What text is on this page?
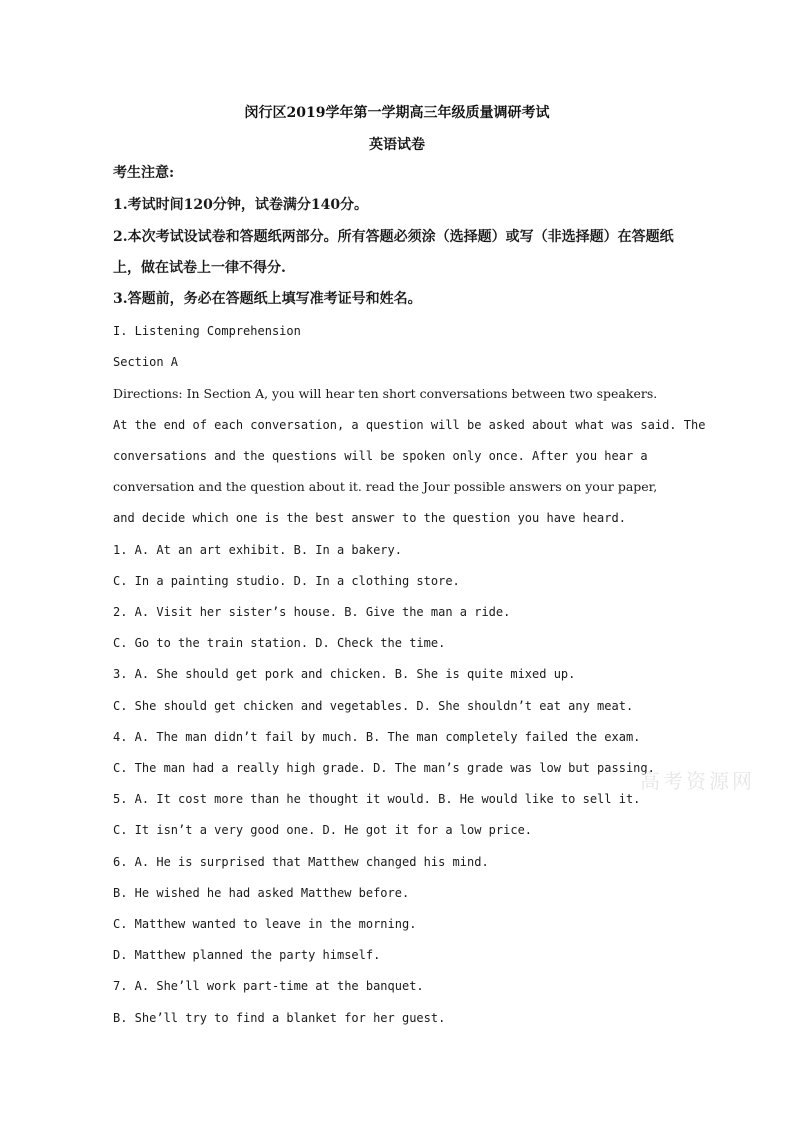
闵行区2019学年第一学期高三年级质量调研考试
英语试卷
考生注意:
1.考试时间120分钟，试卷满分140分。
2.本次考试设试卷和答题纸两部分。所有答题必须涂（选择题）或写（非选择题）在答题纸
上，做在试卷上一律不得分.
3.答题前，务必在答题纸上填写准考证号和姓名。
I. Listening Comprehension
Section A
Directions: In Section A, you will hear ten short conversations between two speakers.
At the end of each conversation, a question will be asked about what was said. The
conversations and the questions will be spoken only once. After you hear a
conversation and the question about it. read the Jour possible answers on your paper,
and decide which one is the best answer to the question you have heard.
1. A. At an art exhibit. B. In a bakery.
C. In a painting studio. D. In a clothing store.
2. A. Visit her sister’s house. B. Give the man a ride.
C. Go to the train station. D. Check the time.
3. A. She should get pork and chicken. B. She is quite mixed up.
C. She should get chicken and vegetables. D. She shouldn’t eat any meat.
4. A. The man didn’t fail by much. B. The man completely failed the exam.
C. The man had a really high grade. D. The man’s grade was low but passing.
5. A. It cost more than he thought it would. B. He would like to sell it.
C. It isn’t a very good one. D. He got it for a low price.
6. A. He is surprised that Matthew changed his mind.
B. He wished he had asked Matthew before.
C. Matthew wanted to leave in the morning.
D. Matthew planned the party himself.
7. A. She’ll work part-time at the banquet.
B. She’ll try to find a blanket for her guest.
高考资源网
